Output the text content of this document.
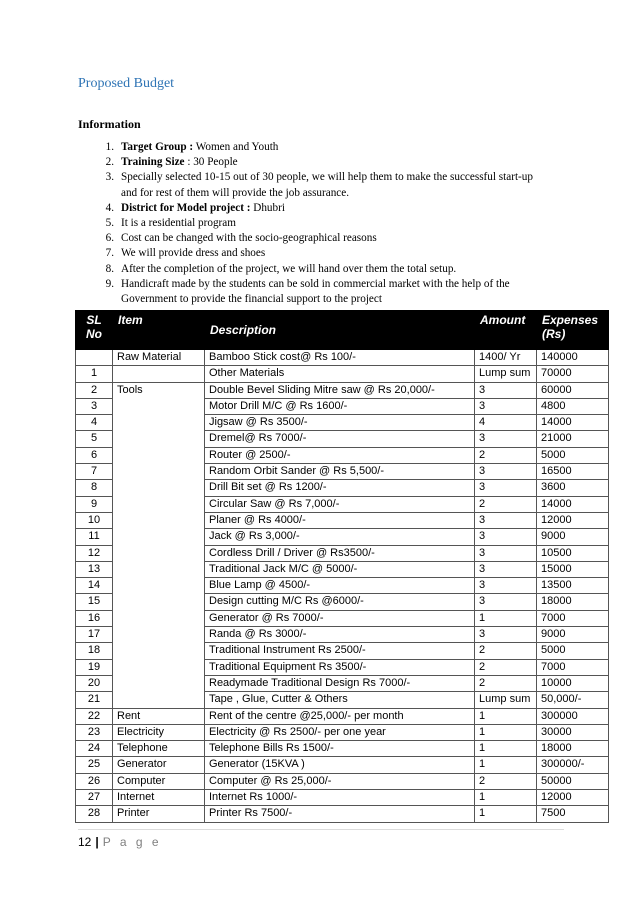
Proposed Budget
Information
1. Target Group : Women and Youth
2. Training Size : 30 People
3. Specially selected 10-15 out of 30 people, we will help them to make the successful start-up and for rest of them will provide the job assurance.
4. District for Model project : Dhubri
5. It is a residential program
6. Cost can be changed with the socio-geographical reasons
7. We will provide dress and shoes
8. After the completion of the project, we will hand over them the total setup.
9. Handicraft made by the students can be sold in commercial market with the help of the Government to provide the financial support to the project
SL No	Item	Description	Amount	Expenses (Rs)
	Raw Material	Bamboo Stick cost@ Rs 100/-	1400/ Yr	140000
1		Other Materials	Lump sum	70000
2	Tools	Double Bevel Sliding Mitre saw @ Rs 20,000/-	3	60000
3		Motor Drill M/C @ Rs 1600/-	3	4800
4		Jigsaw @ Rs 3500/-	4	14000
5		Dremel@ Rs 7000/-	3	21000
6		Router @ 2500/-	2	5000
7		Random Orbit Sander @ Rs 5,500/-	3	16500
8		Drill Bit set @ Rs 1200/-	3	3600
9		Circular Saw @ Rs 7,000/-	2	14000
10		Planer @ Rs 4000/-	3	12000
11		Jack @ Rs 3,000/-	3	9000
12		Cordless Drill / Driver @ Rs3500/-	3	10500
13		Traditional Jack M/C @ 5000/-	3	15000
14		Blue Lamp @ 4500/-	3	13500
15		Design cutting M/C Rs @6000/-	3	18000
16		Generator @ Rs 7000/-	1	7000
17		Randa @ Rs 3000/-	3	9000
18		Traditional Instrument Rs 2500/-	2	5000
19		Traditional Equipment Rs 3500/-	2	7000
20		Readymade Traditional Design Rs 7000/-	2	10000
21		Tape , Glue, Cutter & Others	Lump sum	50,000/-
22	Rent	Rent of the centre @25,000/- per month	1	300000
23	Electricity	Electricity @ Rs 2500/- per one year	1	30000
24	Telephone	Telephone Bills Rs 1500/-	1	18000
25	Generator	Generator (15KVA )	1	300000/-
26	Computer	Computer @ Rs 25,000/-	2	50000
27	Internet	Internet Rs 1000/-	1	12000
28	Printer	Printer Rs 7500/-	1	7500
12 | P a g e
